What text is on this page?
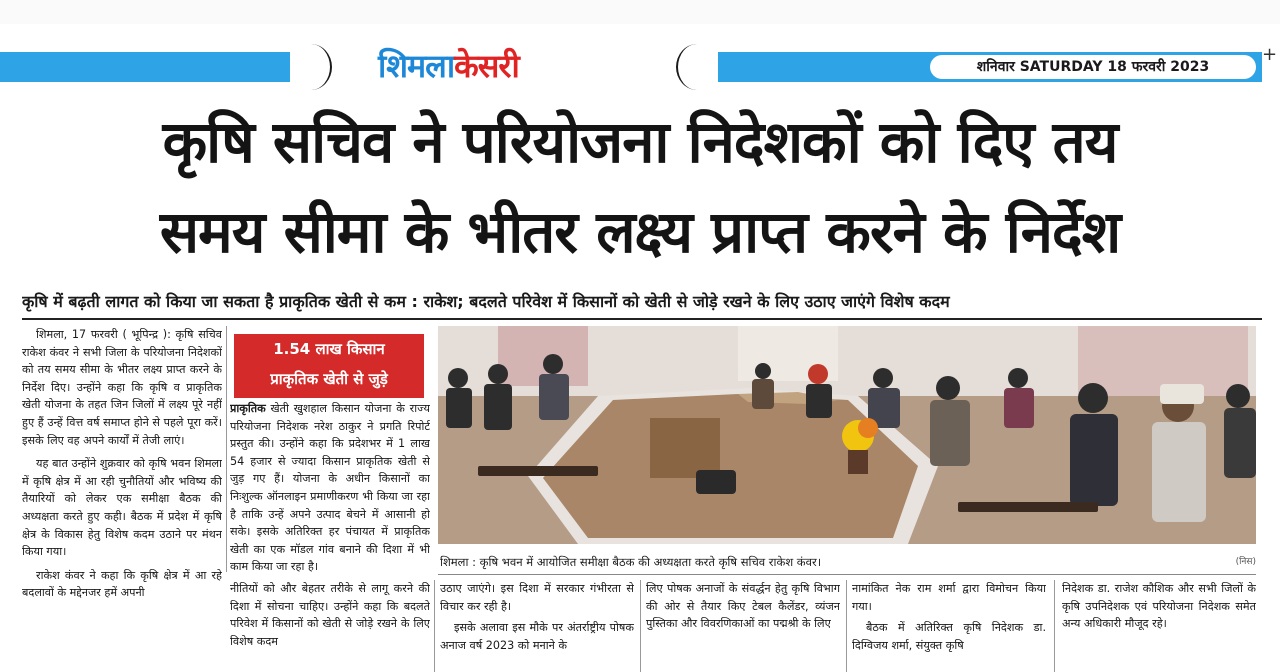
शिमलाकेसरी	शनिवार SATURDAY 18 फरवरी 2023
+
कृषि सचिव ने परियोजना निदेशकों को दिए तय
समय सीमा के भीतर लक्ष्य प्राप्त करने के निर्देश
कृषि में बढ़ती लागत को किया जा सकता है प्राकृतिक खेती से कम : राकेश; बदलते परिवेश में किसानों को खेती से जोड़े रखने के लिए उठाए जाएंगे विशेष कदम

शिमला, 17 फरवरी ( भूपिन्द्र ): कृषि सचिव राकेश कंवर ने सभी जिला के परियोजना निदेशकों को तय समय सीमा के भीतर लक्ष्य प्राप्त करने के निर्देश दिए। उन्होंने कहा कि कृषि व प्राकृतिक खेती योजना के तहत जिन जिलों में लक्ष्य पूरे नहीं हुए हैं उन्हें वित्त वर्ष समाप्त होने से पहले पूरा करें। इसके लिए वह अपने कार्यों में तेजी लाएं।

यह बात उन्होंने शुक्रवार को कृषि भवन शिमला में कृषि क्षेत्र में आ रही चुनौतियों और भविष्य की तैयारियों को लेकर एक समीक्षा बैठक की अध्यक्षता करते हुए कही। बैठक में प्रदेश में कृषि क्षेत्र के विकास हेतु विशेष कदम उठाने पर मंथन किया गया।

राकेश कंवर ने कहा कि कृषि क्षेत्र में आ रहे बदलावों के मद्देनजर हमें अपनी

1.54 लाख किसान
प्राकृतिक खेती से जुड़े

प्राकृतिक खेती खुशहाल किसान योजना के राज्य परियोजना निदेशक नरेश ठाकुर ने प्रगति रिपोर्ट प्रस्तुत की। उन्होंने कहा कि प्रदेशभर में 1 लाख 54 हजार से ज्यादा किसान प्राकृतिक खेती से जुड़ गए हैं। योजना के अधीन किसानों का निःशुल्क ऑनलाइन प्रमाणीकरण भी किया जा रहा है ताकि उन्हें अपने उत्पाद बेचने में आसानी हो सके। इसके अतिरिक्त हर पंचायत में प्राकृतिक खेती का एक मॉडल गांव बनाने की दिशा में भी काम किया जा रहा है।	शिमला : कृषि भवन में आयोजित समीक्षा बैठक की अध्यक्षता करते कृषि सचिव राकेश कंवर।	(निस)

नीतियों को और बेहतर तरीके से लागू करने की दिशा में सोचना चाहिए। उन्होंने कहा कि बदलते परिवेश में किसानों को खेती से जोड़े रखने के लिए विशेष कदम

उठाए जाएंगे। इस दिशा में सरकार गंभीरता से विचार कर रही है।

इसके अलावा इस मौके पर अंतर्राष्ट्रीय पोषक अनाज वर्ष 2023 को मनाने के

लिए पोषक अनाजों के संवर्द्धन हेतु कृषि विभाग की ओर से तैयार किए टेबल कैलेंडर, व्यंजन पुस्तिका और विवरणिकाओं का पद्मश्री के लिए

नामांकित नेक राम शर्मा द्वारा विमोचन किया गया।

बैठक में अतिरिक्त कृषि निदेशक डा. दिग्विजय शर्मा, संयुक्त कृषि

निदेशक डा. राजेश कौशिक और सभी जिलों के कृषि उपनिदेशक एवं परियोजना निदेशक समेत अन्य अधिकारी मौजूद रहे।
